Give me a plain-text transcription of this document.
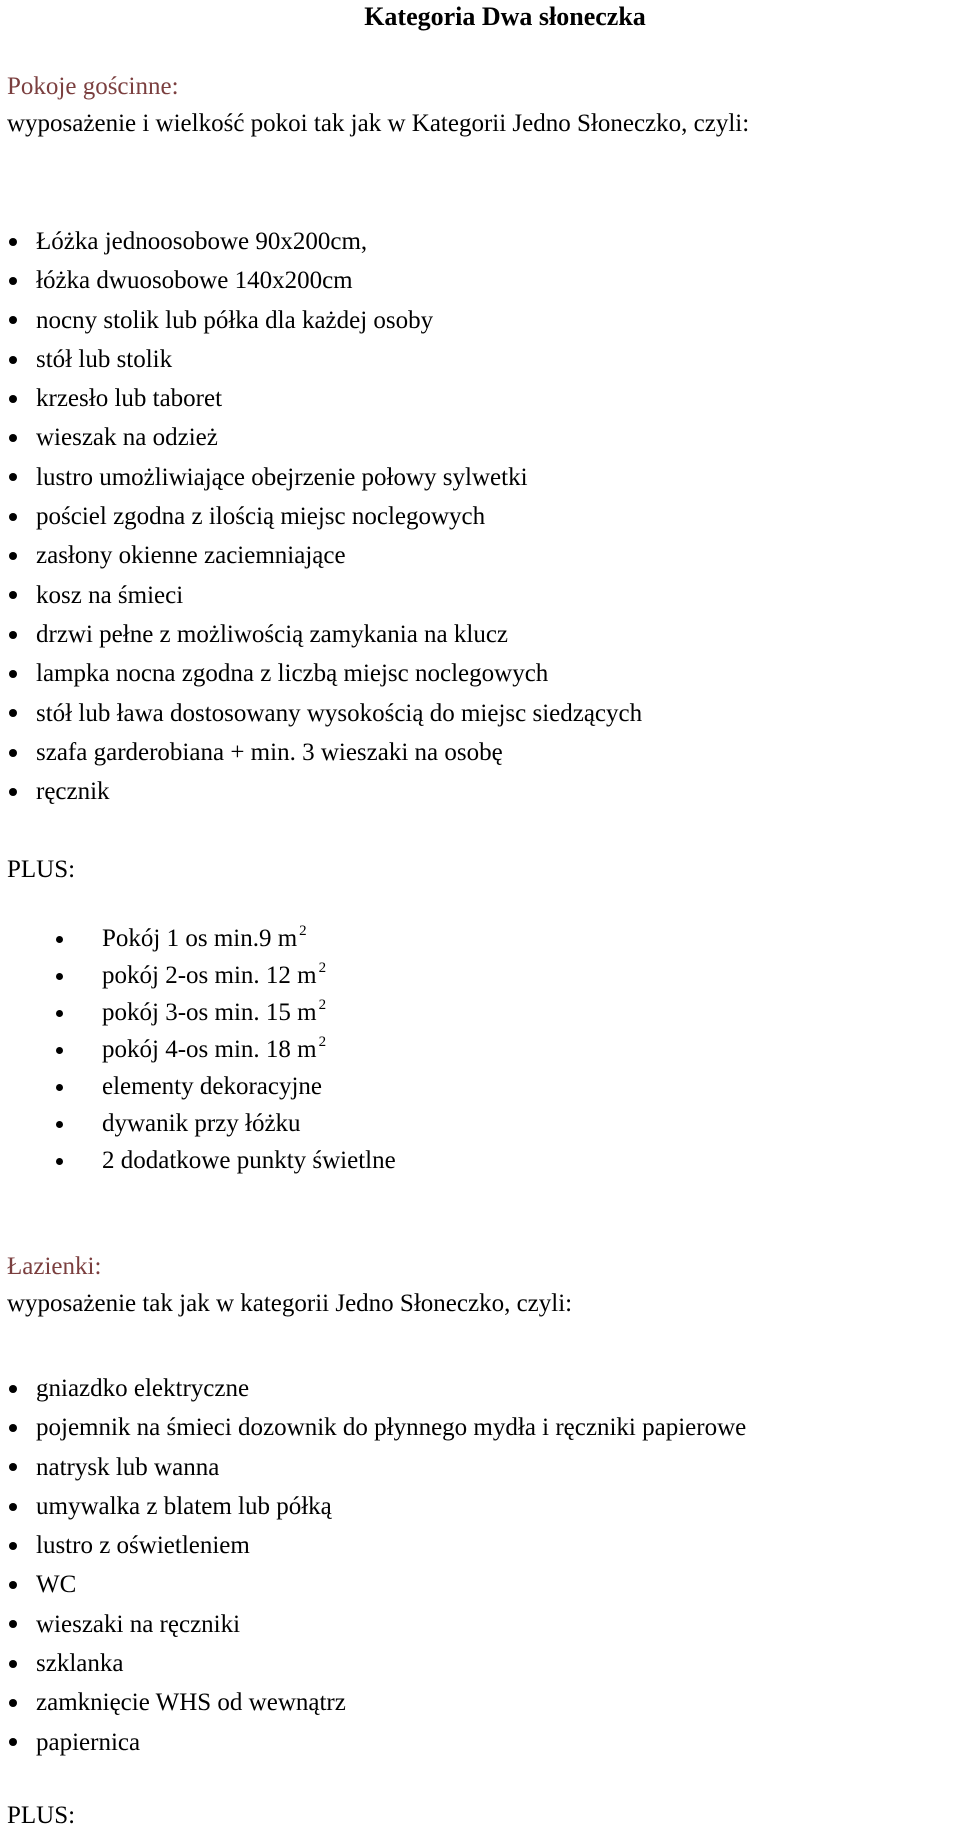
Kategoria Dwa słoneczka
Pokoje gościnne:

wyposażenie i wielkość pokoi tak jak w Kategorii Jedno Słoneczko, czyli:

Łóżka jednoosobowe 90x200cm,
łóżka dwuosobowe 140x200cm
nocny stolik lub półka dla każdej osoby
stół lub stolik
krzesło lub taboret
wieszak na odzież
lustro umożliwiające obejrzenie połowy sylwetki
pościel zgodna z ilością miejsc noclegowych
zasłony okienne zaciemniające
kosz na śmieci
drzwi pełne z możliwością zamykania na klucz
lampka nocna zgodna z liczbą miejsc noclegowych
stół lub ława dostosowany wysokością do miejsc siedzących
szafa garderobiana + min. 3 wieszaki na osobę
ręcznik
PLUS:
Pokój 1 os min.9 m $^2$
pokój 2-os min. 12 m $^2$
pokój 3-os min. 15 m $^2$
pokój 4-os min. 18 m $^2$
elementy dekoracyjne
dywanik przy łóżku
2 dodatkowe punkty świetlne
Łazienki:

wyposażenie tak jak w kategorii Jedno Słoneczko, czyli:

gniazdko elektryczne
pojemnik na śmieci dozownik do płynnego mydła i ręczniki papierowe
natrysk lub wanna
umywalka z blatem lub półką
lustro z oświetleniem
WC
wieszaki na ręczniki
szklanka
zamknięcie WHS od wewnątrz
papiernica
PLUS:
